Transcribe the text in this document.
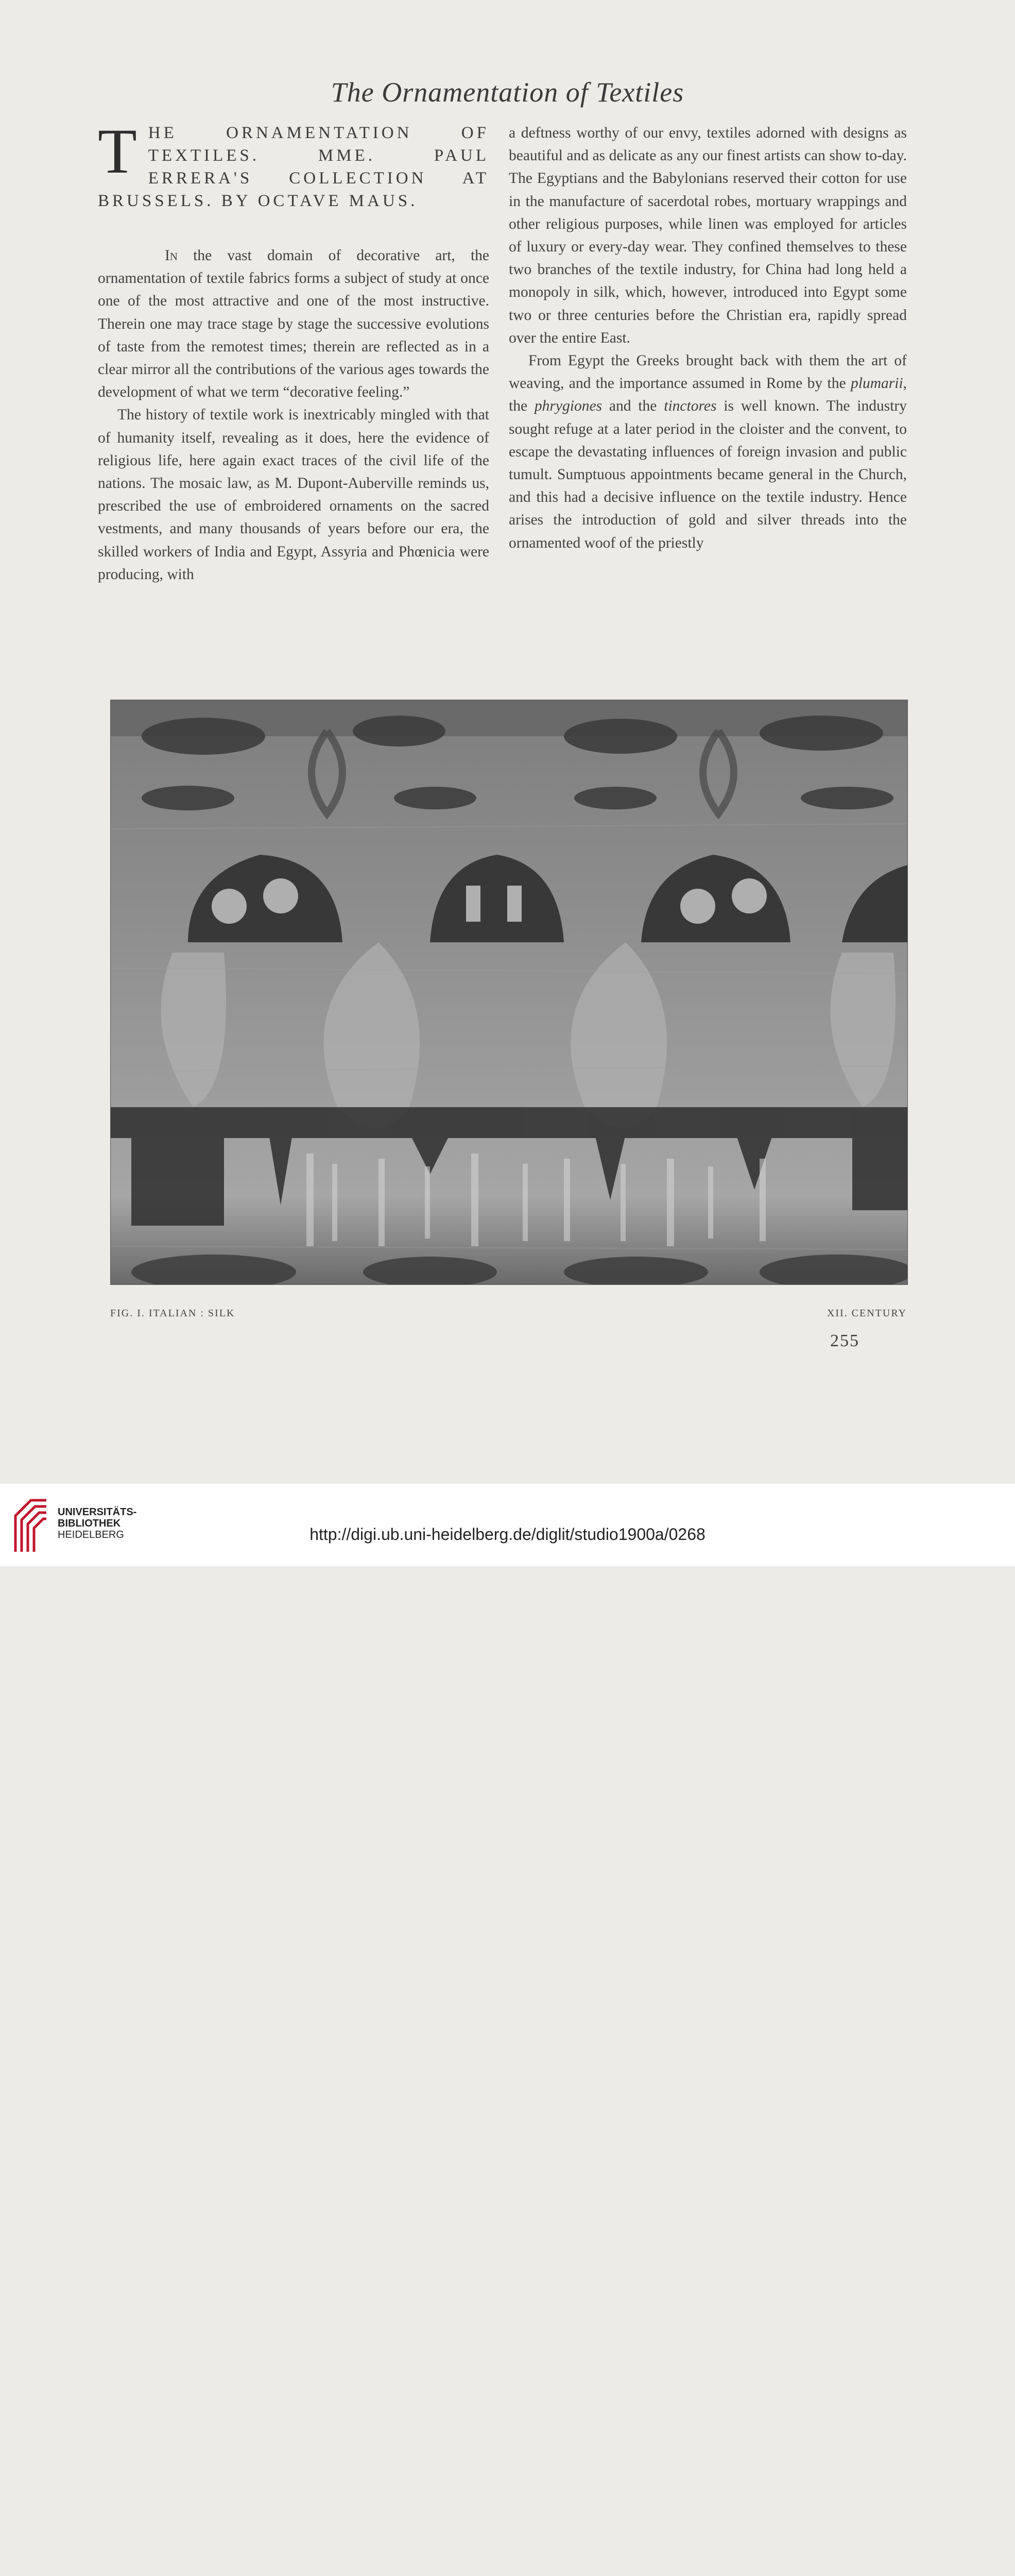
The Ornamentation of Textiles
THE ORNAMENTATION OF TEXTILES. MME. PAUL ERRERA'S COLLECTION AT BRUSSELS. BY OCTAVE MAUS.

In the vast domain of decorative art, the ornamentation of textile fabrics forms a subject of study at once one of the most attractive and one of the most instructive. Therein one may trace stage by stage the successive evolutions of taste from the remotest times; therein are reflected as in a clear mirror all the contributions of the various ages towards the development of what we term “decorative feeling.”

The history of textile work is inextricably mingled with that of humanity itself, revealing as it does, here the evidence of religious life, here again exact traces of the civil life of the nations. The mosaic law, as M. Dupont-Auberville reminds us, prescribed the use of embroidered ornaments on the sacred vestments, and many thousands of years before our era, the skilled workers of India and Egypt, Assyria and Phœnicia were producing, with

a deftness worthy of our envy, textiles adorned with designs as beautiful and as delicate as any our finest artists can show to-day. The Egyptians and the Babylonians reserved their cotton for use in the manufacture of sacerdotal robes, mortuary wrappings and other religious purposes, while linen was employed for articles of luxury or every-day wear. They confined themselves to these two branches of the textile industry, for China had long held a monopoly in silk, which, however, introduced into Egypt some two or three centuries before the Christian era, rapidly spread over the entire East.

From Egypt the Greeks brought back with them the art of weaving, and the importance assumed in Rome by the plumarii, the phrygiones and the tinctores is well known. The industry sought refuge at a later period in the cloister and the convent, to escape the devastating influences of foreign invasion and public tumult. Sumptuous appointments became general in the Church, and this had a decisive influence on the textile industry. Hence arises the introduction of gold and silver threads into the ornamented woof of the priestly

FIG. I. ITALIAN : SILK	XII. CENTURY
255
UNIVERSITÄTS-
BIBLIOTHEK
HEIDELBERG	http://digi.ub.uni-heidelberg.de/diglit/studio1900a/0268
